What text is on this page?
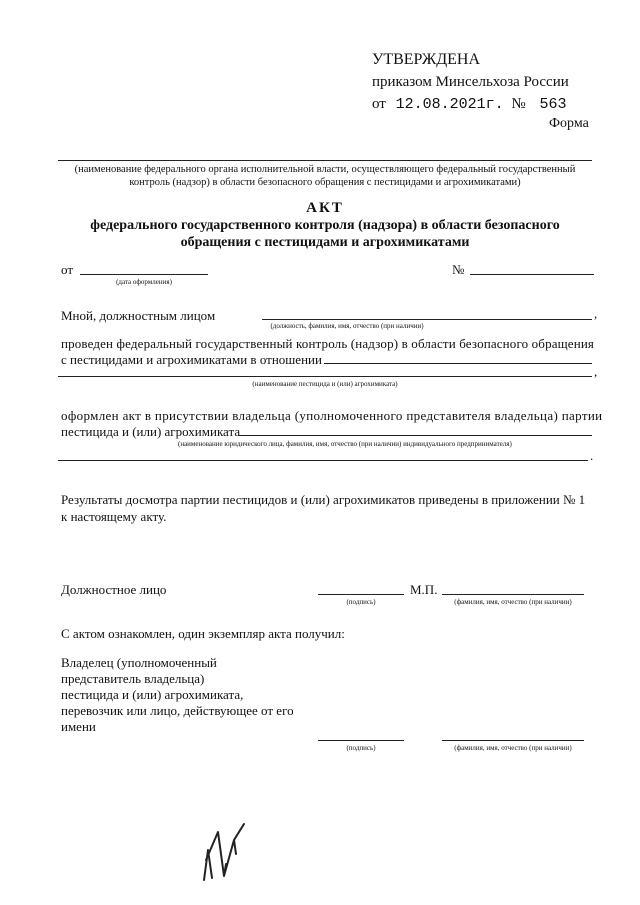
УТВЕРЖДЕНА
приказом Минсельхоза России
от 12.08.2021г. № 563
Форма
(наименование федерального органа исполнительной власти, осуществляющего федеральный государственный контроль (надзор) в области безопасного обращения с пестицидами и агрохимикатами)
АКТ
федерального государственного контроля (надзора) в области безопасного
обращения с пестицидами и агрохимикатами
от
(дата оформления)
№
Мной, должностным лицом	,
(должность, фамилия, имя, отчество (при наличии)
проведен федеральный государственный контроль (надзор) в области безопасного обращения
с пестицидами и агрохимикатами в отношении
,
(наименование пестицида и (или) агрохимиката)
оформлен акт в присутствии владельца (уполномоченного представителя владельца) партии
пестицида и (или) агрохимиката
(наименование юридического лица, фамилия, имя, отчество (при наличии) индивидуального предпринимателя)
.
Результаты досмотра партии пестицидов и (или) агрохимикатов приведены в приложении № 1 к настоящему акту.
Должностное лицо
(подпись)
М.П.
(фамилия, имя, отчество (при наличии)
С актом ознакомлен, один экземпляр акта получил:
Владелец (уполномоченный
представитель владельца)
пестицида и (или) агрохимиката,
перевозчик или лицо, действующее от его
имени
(подпись)	(фамилия, имя, отчество (при наличии)
